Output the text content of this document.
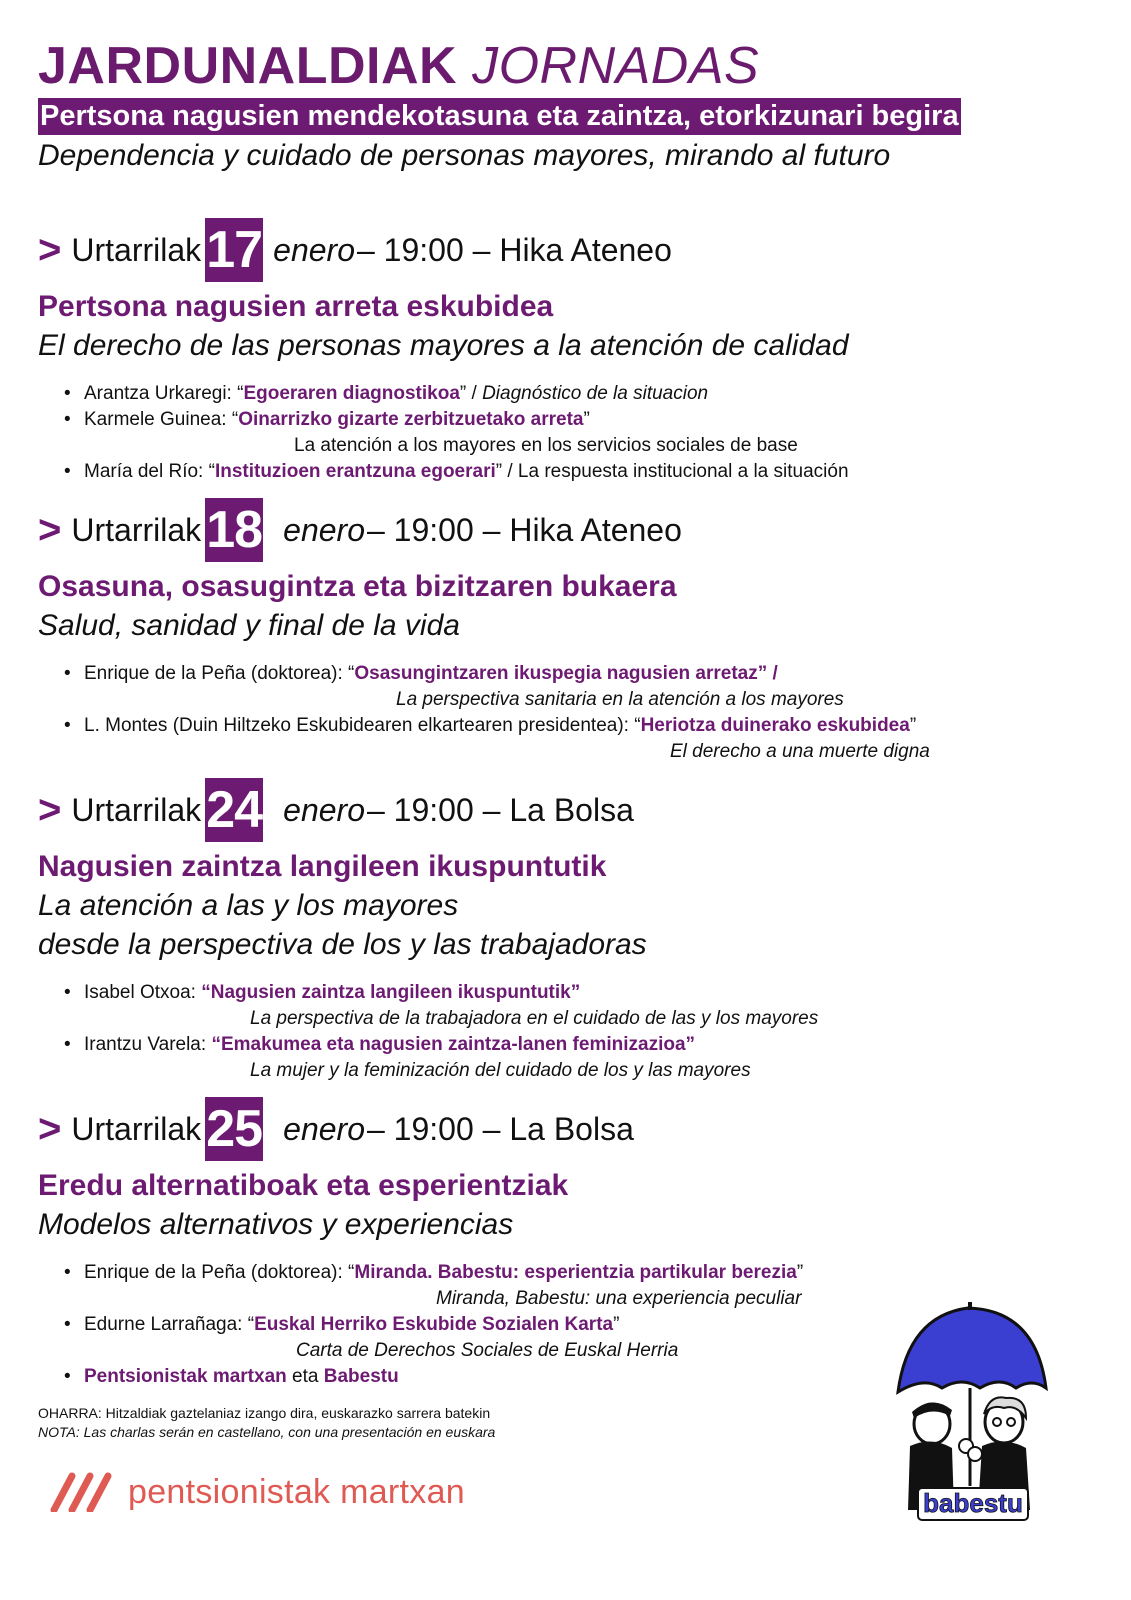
JARDUNALDIAK JORNADAS
Pertsona nagusien mendekotasuna eta zaintza, etorkizunari begira
Dependencia y cuidado de personas mayores, mirando al futuro
> Urtarrilak 17 enero – 19:00 – Hika Ateneo
Pertsona nagusien arreta eskubidea
El derecho de las personas mayores a la atención de calidad
• Arantza Urkaregi: “Egoeraren diagnostikoa” / Diagnóstico de la situacion
• Karmele Guinea: “Oinarrizko gizarte zerbitzuetako arreta”
La atención a los mayores en los servicios sociales de base
• María del Río: “Instituzioen erantzuna egoerari” / La respuesta institucional a la situación
> Urtarrilak 18 enero – 19:00 – Hika Ateneo
Osasuna, osasugintza eta bizitzaren bukaera
Salud, sanidad y final de la vida
• Enrique de la Peña (doktorea): “Osasungintzaren ikuspegia nagusien arretaz” /
La perspectiva sanitaria en la atención a los mayores
• L. Montes (Duin Hiltzeko Eskubidearen elkartearen presidentea): “Heriotza duinerako eskubidea”
El derecho a una muerte digna
> Urtarrilak 24 enero – 19:00 – La Bolsa
Nagusien zaintza langileen ikuspuntutik
La atención a las y los mayores
desde la perspectiva de los y las trabajadoras
• Isabel Otxoa: “Nagusien zaintza langileen ikuspuntutik”
La perspectiva de la trabajadora en el cuidado de las y los mayores
• Irantzu Varela: “Emakumea eta nagusien zaintza-lanen feminizazioa”
La mujer y la feminización del cuidado de los y las mayores
> Urtarrilak 25 enero – 19:00 – La Bolsa
Eredu alternatiboak eta esperientziak
Modelos alternativos y experiencias
• Enrique de la Peña (doktorea): “Miranda. Babestu: esperientzia partikular berezia”
Miranda, Babestu: una experiencia peculiar
• Edurne Larrañaga: “Euskal Herriko Eskubide Sozialen Karta”
Carta de Derechos Sociales de Euskal Herria
• Pentsionistak martxan eta Babestu
OHARRA: Hitzaldiak gaztelaniaz izango dira, euskarazko sarrera batekin
NOTA: Las charlas serán en castellano, con una presentación en euskara
pentsionistak martxan	babestu
